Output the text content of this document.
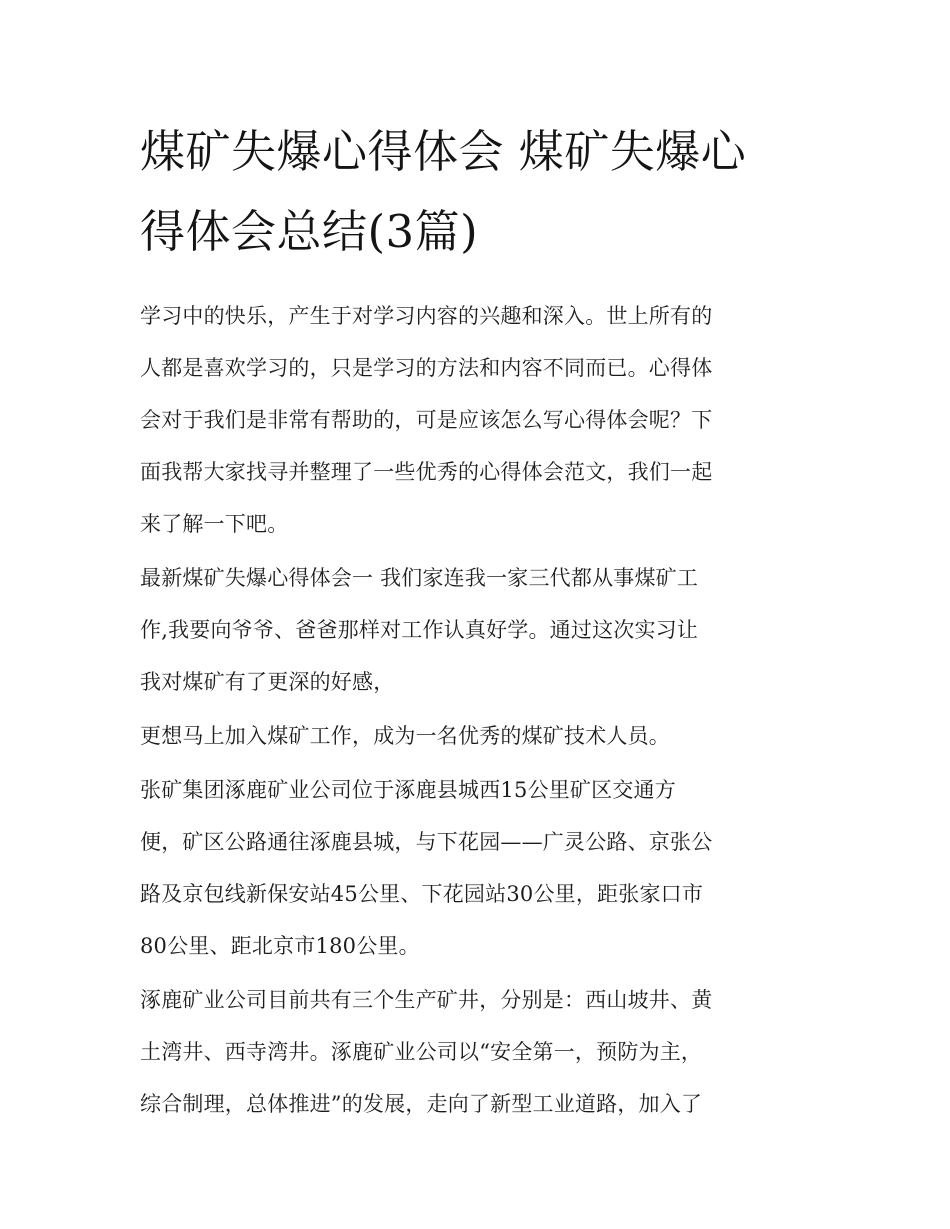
煤矿失爆心得体会 煤矿失爆心
得体会总结(3篇)

学习中的快乐，产生于对学习内容的兴趣和深入。世上所有的
人都是喜欢学习的，只是学习的方法和内容不同而已。心得体
会对于我们是非常有帮助的，可是应该怎么写心得体会呢？下
面我帮大家找寻并整理了一些优秀的心得体会范文，我们一起
来了解一下吧。

最新煤矿失爆心得体会一 我们家连我一家三代都从事煤矿工
作,我要向爷爷、爸爸那样对工作认真好学。通过这次实习让
我对煤矿有了更深的好感，

更想马上加入煤矿工作，成为一名优秀的煤矿技术人员。

张矿集团涿鹿矿业公司位于涿鹿县城西15公里矿区交通方
便，矿区公路通往涿鹿县城，与下花园——广灵公路、京张公
路及京包线新保安站45公里、下花园站30公里，距张家口市
80公里、距北京市180公里。

涿鹿矿业公司目前共有三个生产矿井，分别是：西山坡井、黄
土湾井、西寺湾井。涿鹿矿业公司以“安全第一，预防为主，
综合制理，总体推进”的发展，走向了新型工业道路，加入了
